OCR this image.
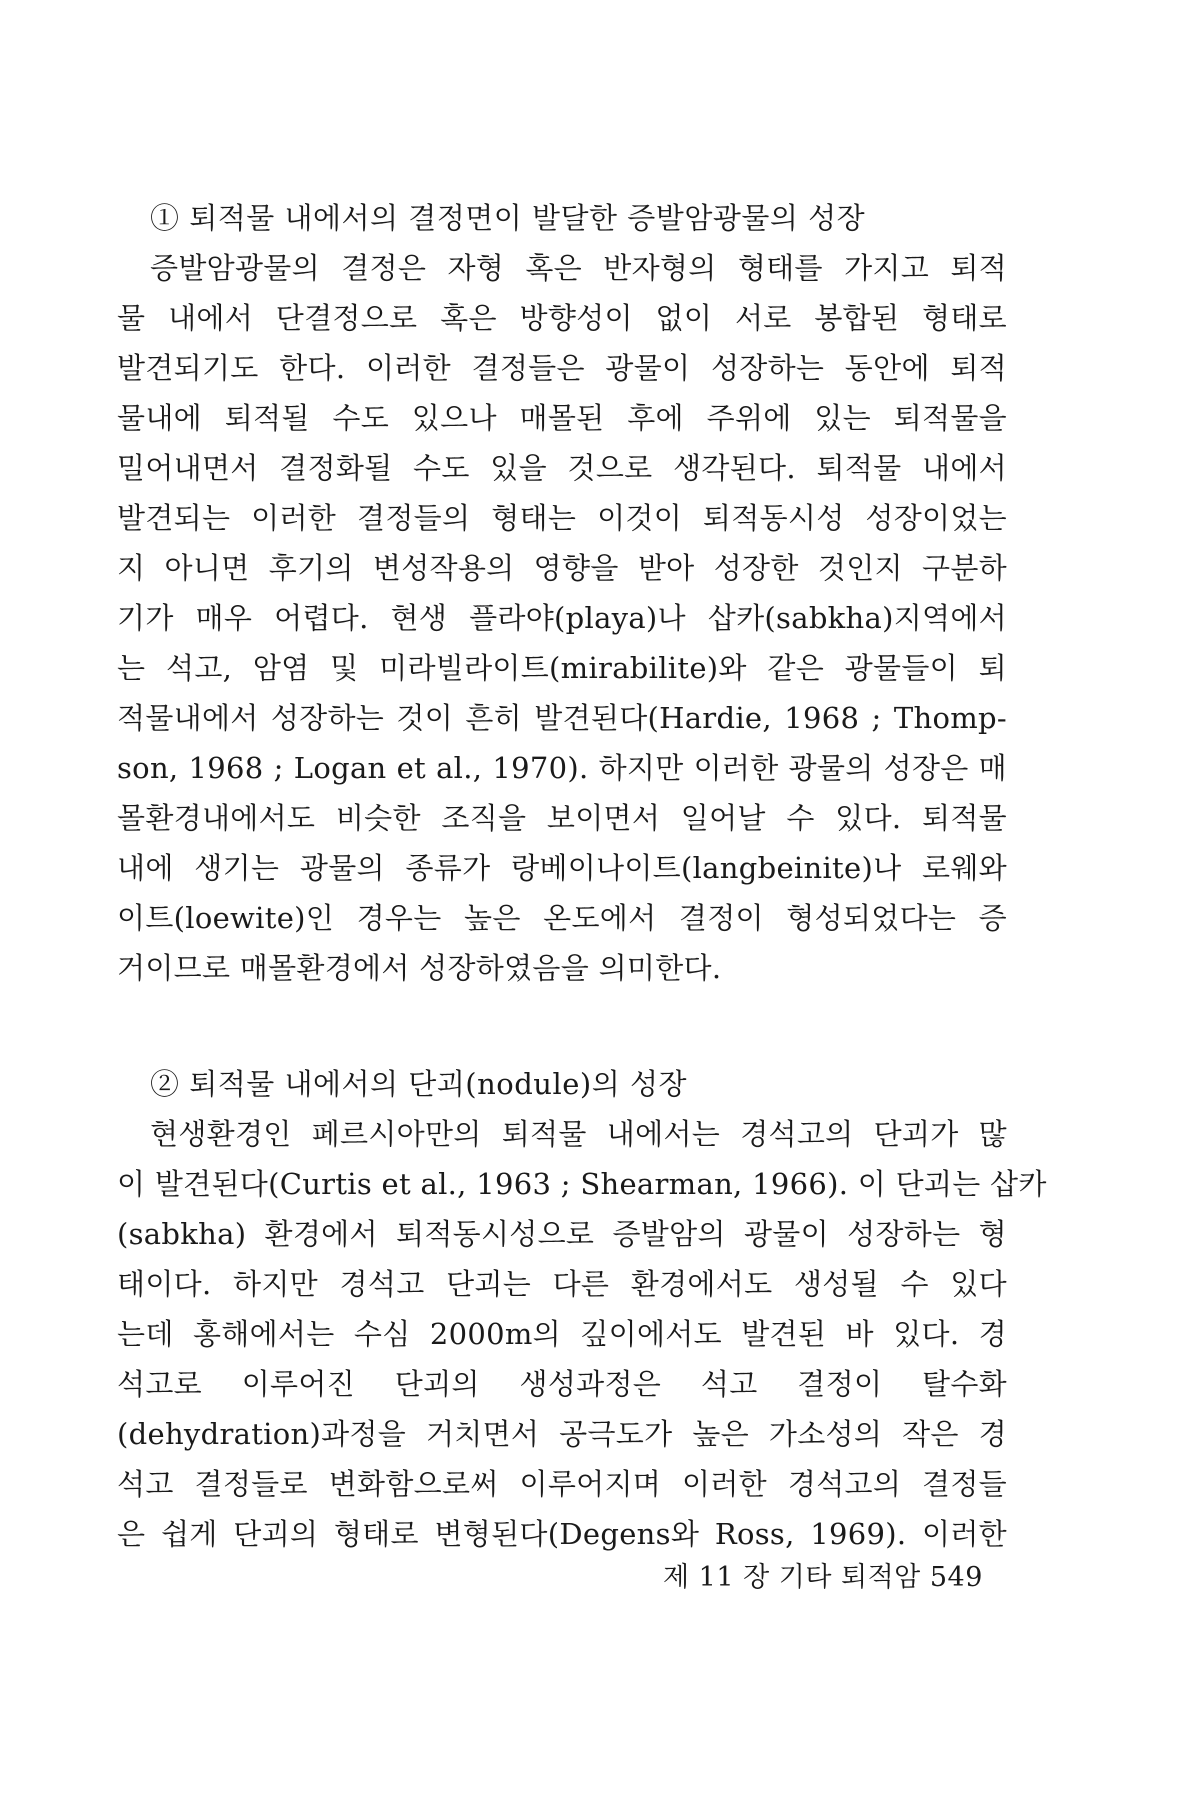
① 퇴적물 내에서의 결정면이 발달한 증발암광물의 성장
증발암광물의 결정은 자형 혹은 반자형의 형태를 가지고 퇴적
물 내에서 단결정으로 혹은 방향성이 없이 서로 봉합된 형태로
발견되기도 한다. 이러한 결정들은 광물이 성장하는 동안에 퇴적
물내에 퇴적될 수도 있으나 매몰된 후에 주위에 있는 퇴적물을
밀어내면서 결정화될 수도 있을 것으로 생각된다. 퇴적물 내에서
발견되는 이러한 결정들의 형태는 이것이 퇴적동시성 성장이었는
지 아니면 후기의 변성작용의 영향을 받아 성장한 것인지 구분하
기가 매우 어렵다. 현생 플라야(playa)나 삽카(sabkha)지역에서
는 석고, 암염 및 미라빌라이트(mirabilite)와 같은 광물들이 퇴
적물내에서 성장하는 것이 흔히 발견된다(Hardie, 1968 ; Thomp-
son, 1968 ; Logan et al., 1970). 하지만 이러한 광물의 성장은 매
몰환경내에서도 비슷한 조직을 보이면서 일어날 수 있다. 퇴적물
내에 생기는 광물의 종류가 랑베이나이트(langbeinite)나 로웨와
이트(loewite)인 경우는 높은 온도에서 결정이 형성되었다는 증
거이므로 매몰환경에서 성장하였음을 의미한다.
② 퇴적물 내에서의 단괴(nodule)의 성장
현생환경인 페르시아만의 퇴적물 내에서는 경석고의 단괴가 많
이 발견된다(Curtis et al., 1963 ; Shearman, 1966). 이 단괴는 삽카
(sabkha) 환경에서 퇴적동시성으로 증발암의 광물이 성장하는 형
태이다. 하지만 경석고 단괴는 다른 환경에서도 생성될 수 있다
는데 홍해에서는 수심 2000m의 깊이에서도 발견된 바 있다. 경
석고로 이루어진 단괴의 생성과정은 석고 결정이 탈수화
(dehydration)과정을 거치면서 공극도가 높은 가소성의 작은 경
석고 결정들로 변화함으로써 이루어지며 이러한 경석고의 결정들
은 쉽게 단괴의 형태로 변형된다(Degens와 Ross, 1969). 이러한
제 11 장 기타 퇴적암 549
